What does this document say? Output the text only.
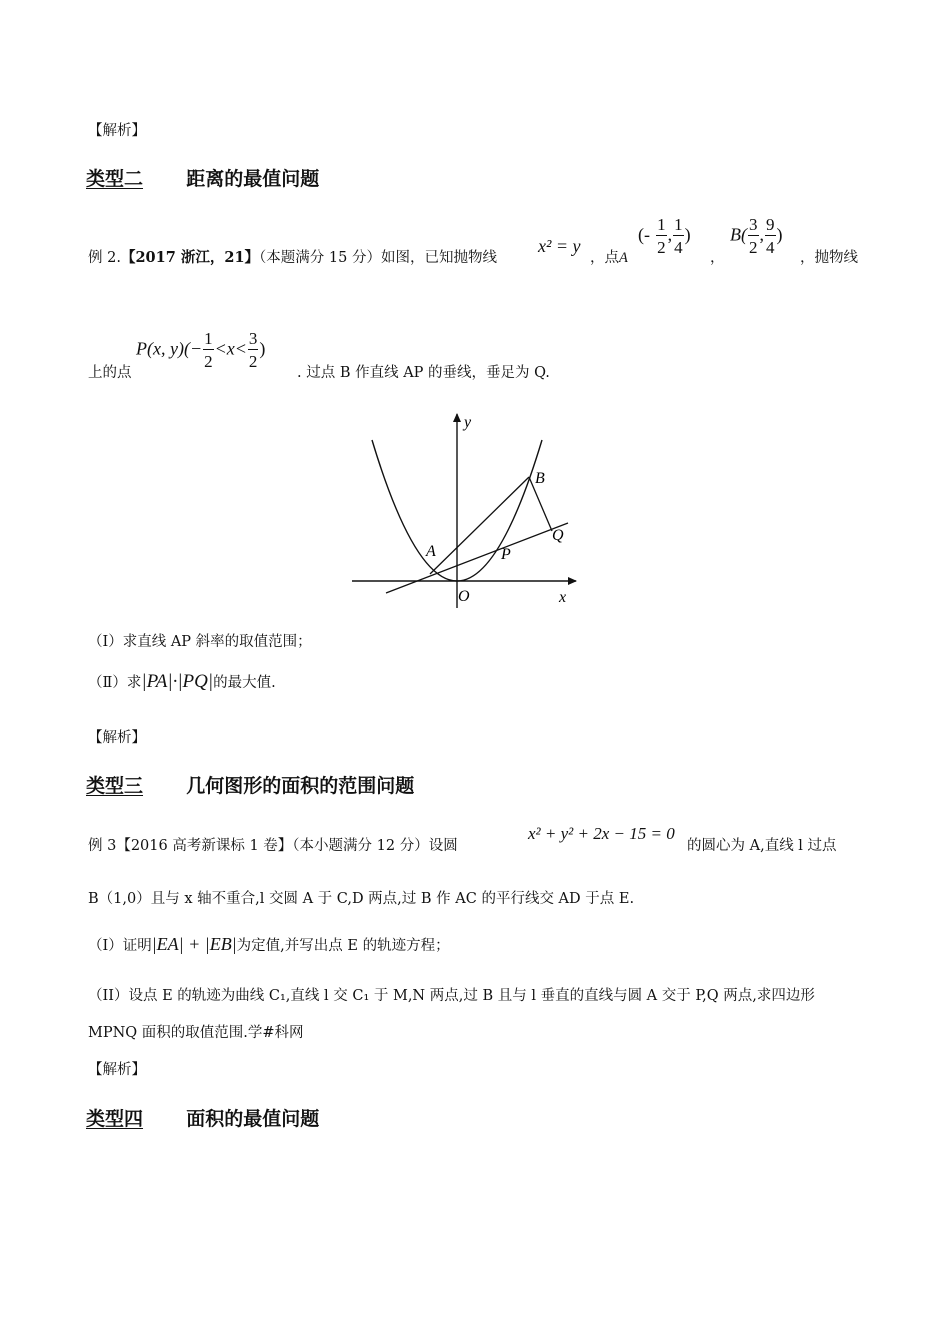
【解析】
类型二 距离的最值问题
例 2.【2017 浙江，21】（本题满分 15 分）如图，已知抛物线
x² = y
，点A
(- $\frac{1}{2}$ , $\frac{1}{4}$ )
，
$B( \frac{3}{2}$ , $\frac{9}{4}$ )
，抛物线
上的点
P(x, $y)(- \frac{1}{2} <x< \frac{3}{2}$ )
. 过点 B 作直线 AP 的垂线，垂足为 Q.
y
x
O
A
B
P
Q
（Ⅰ）求直线 AP 斜率的取值范围；
（Ⅱ）求|PA|·|PQ|的最大值.
【解析】
类型三 几何图形的面积的范围问题
例 3【2016 高考新课标 1 卷】（本小题满分 12 分）设圆
x² + y² + 2x − 15 = 0
的圆心为 A,直线 l 过点
B（1,0）且与 x 轴不重合,l 交圆 A 于 C,D 两点,过 B 作 AC 的平行线交 AD 于点 E.
（I）证明|EA| + |EB|为定值,并写出点 E 的轨迹方程；
（II）设点 E 的轨迹为曲线 C₁,直线 l 交 C₁ 于 M,N 两点,过 B 且与 l 垂直的直线与圆 A 交于 P,Q 两点,求四边形
MPNQ 面积的取值范围.学#科网
【解析】
类型四 面积的最值问题
